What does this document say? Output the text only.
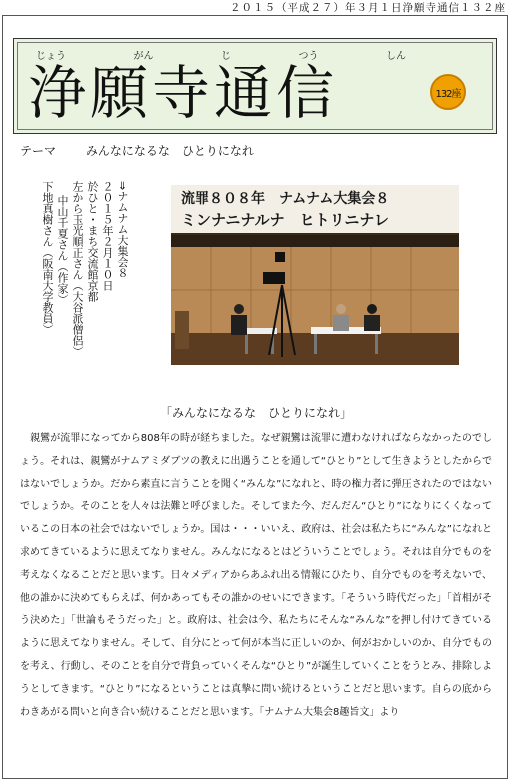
２０１５（平成２７）年３月１日浄願寺通信１３２座
じょう	がん	じ	つう	しん
浄願寺通信	132座
テーマ みんなになるな　ひとりになれ
⇒ナムナム大集会８
２０１５年２月１０日
於ひと・まち交流館京都
左から玉光順正さん（大谷派僧侶）
中山千夏さん（作家）
下地真樹さん（阪南大学教員）	流罪８０８年　ナムナム大集会８
ミンナニナルナ　ヒトリニナレ
「みんなになるな　ひとりになれ」

　親鸞が流罪になってから808年の時が経ちました。なぜ親鸞は流罪に遭わなければならなかったのでしょう。それは、親鸞がナムアミダブツの教えに出遇うことを通して“ひとり”として生きようとしたからではないでしょうか。だから素直に言うことを聞く“みんな”になれと、時の権力者に弾圧されたのではないでしょうか。そのことを人々は法難と呼びました。そしてまた今、だんだん“ひとり”になりにくくなっているこの日本の社会ではないでしょうか。国は・・・いいえ、政府は、社会は私たちに“みんな”になれと求めてきているように思えてなりません。みんなになるとはどういうことでしょう。それは自分でものを考えなくなることだと思います。日々メディアからあふれ出る情報にひたり、自分でものを考えないで、他の誰かに決めてもらえば、何かあってもその誰かのせいにできます。「そういう時代だった」「首相がそう決めた」「世論もそうだった」と。政府は、社会は今、私たちにそんな“みんな”を押し付けてきているように思えてなりません。そして、自分にとって何が本当に正しいのか、何がおかしいのか、自分でものを考え、行動し、そのことを自分で背負っていくそんな“ひとり”が誕生していくことをうとみ、排除しようとしてきます。“ひとり”になるということは真摯に問い続けるということだと思います。自らの底からわきあがる問いと向き合い続けることだと思います。「ナムナム大集会8趣旨文」より
